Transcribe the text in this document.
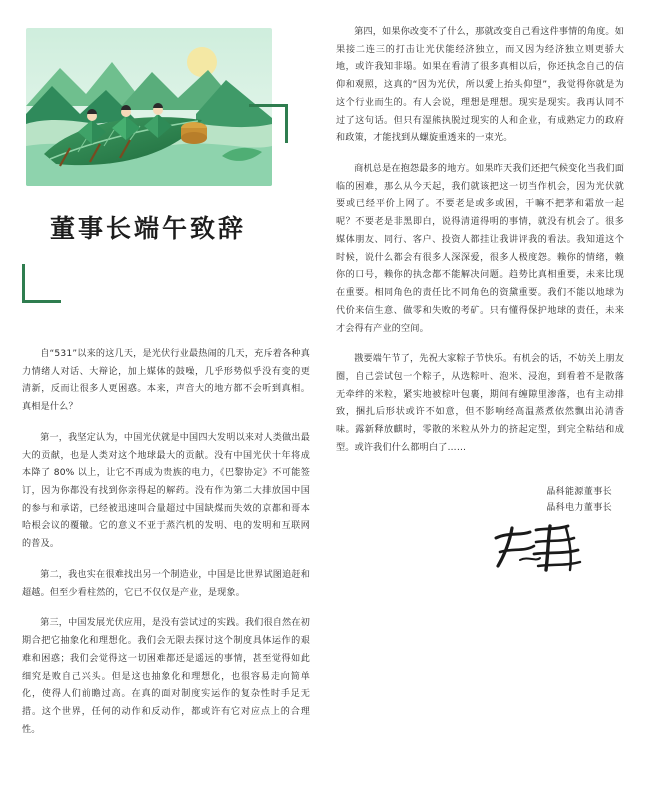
董事长端午致辞

自“531”以来的这几天，是光伏行业最热闹的几天，充斥着各种真力情绪人对话、大辩论，加上媒体的鼓噪，几乎形势似乎没有变的更清新，反而让很多人更困惑。本来，声音大的地方都不会听到真相。真相是什么？

第一，我坚定认为，中国光伏就是中国四大发明以来对人类做出最大的贡献，也是人类对这个地球最大的贡献。没有中国光伏十年将成本降了 80% 以上，让它不再成为贵族的电力，《巴黎协定》不可能签订，因为你都没有找到你亲得起的解药。没有作为第二大排放国中国的参与和承诺，已经被迅速叫合量超过中国缺煤而失效的京都和哥本哈根会议的覆辙。它的意义不亚于蒸汽机的发明、电的发明和互联网的普及。

第二，我也实在很难找出另一个制造业，中国是比世界试图追赶和超越。但至少看柱然的，它已不仅仅是产业，是现象。

第三，中国发展光伏应用，是没有尝试过的实践。我们很自然在初期合把它抽象化和理想化。我们会无限去探讨这个制度具体运作的艰难和困惑；我们会觉得这一切困难都还是遥远的事情，甚至觉得如此细究是败自己兴头。但是这也抽象化和理想化，也很容易走向简单化，使得人们前瞻过高。在真的面对制度实运作的复杂性时手足无措。这个世界，任何的动作和反动作，都或许有它对应点上的合理性。

第四，如果你改变不了什么，那就改变自己看这件事情的角度。如果接二连三的打击让光伏能经济独立，而又因为经济独立则更骄大地，或许我知非塌。如果在看清了很多真相以后，你还执念自己的信仰和观照，这真的“因为光伏，所以愛上抬头仰望”，我觉得你就是为这个行业而生的。有人会说，理想是理想。现实是现实。我再认同不过了这句话。但只有湿熊执脱过现实的人和企业，有成熟定力的政府和政策，才能找到从螺旋重透来的一束光。

商机总是在抱怨最多的地方。如果昨天我们还把气候变化当我们面临的困难，那么从今天起，我们就该把这一切当作机会，因为光伏就要或已经平价上网了。不要老是或多或困，干嘛不把茅和霜放一起呢？不要老是非黑即白，说得清道得明的事情，就没有机会了。很多媒体朋友、同行、客户、投资人都挂让我讲评我的看法。我知道这个时候，说什么都会有很多人深深爱，很多人极度怨。赖你的情绪，赖你的口号，赖你的执念都不能解决问题。趋势比真相重要，未来比现在重要。相同角色的责任比不同角色的资黛重要。我们不能以地球为代价来信生意、做零和失败的考矿。只有懂得保护地球的责任，未来才会得有产业的空间。

戡要端午节了，先祝大家粽子节快乐。有机会的话，不妨关上朋友圈，自己尝试包一个粽子，从选粽叶、泡米、浸泡，到看着不是散落无牵绊的米粒，紧实地被棕叶包裹，期间有缠隙里渗落，也有主动排致，捆扎后形状或许不如意，但不影响经高温蒸煮依然飘出沁清香味。露新释放麒时，零散的米粒从外力的挤起定型，到完全粘结和成型。或许我们什么都明白了……

晶科能源董事长
晶科电力董事长
